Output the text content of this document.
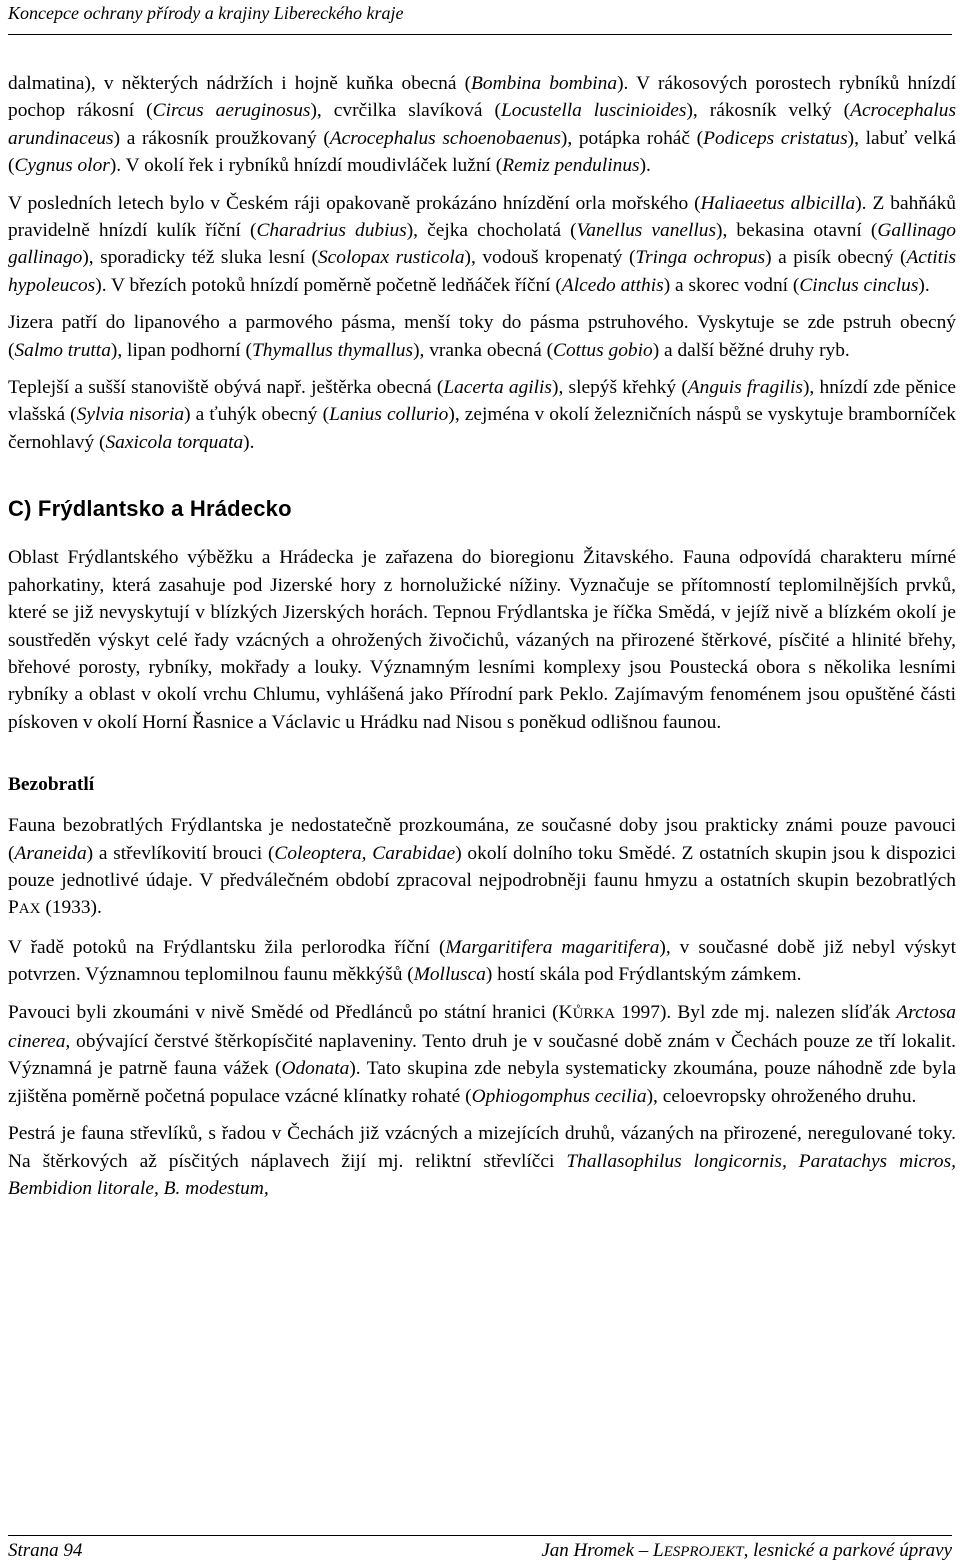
Koncepce ochrany přírody a krajiny Libereckého kraje

dalmatina), v některých nádržích i hojně kuňka obecná (Bombina bombina). V rákosových porostech rybníků hnízdí pochop rákosní (Circus aeruginosus), cvrčilka slavíková (Locustella luscinioides), rákosník velký (Acrocephalus arundinaceus) a rákosník proužkovaný (Acrocephalus schoenobaenus), potápka roháč (Podiceps cristatus), labuť velká (Cygnus olor). V okolí řek i rybníků hnízdí moudivláček lužní (Remiz pendulinus).

V posledních letech bylo v Českém ráji opakovaně prokázáno hnízdění orla mořského (Haliaeetus albicilla). Z bahňáků pravidelně hnízdí kulík říční (Charadrius dubius), čejka chocholatá (Vanellus vanellus), bekasina otavní (Gallinago gallinago), sporadicky též sluka lesní (Scolopax rusticola), vodouš kropenatý (Tringa ochropus) a pisík obecný (Actitis hypoleucos). V březích potoků hnízdí poměrně početně ledňáček říční (Alcedo atthis) a skorec vodní (Cinclus cinclus).

Jizera patří do lipanového a parmového pásma, menší toky do pásma pstruhového. Vyskytuje se zde pstruh obecný (Salmo trutta), lipan podhorní (Thymallus thymallus), vranka obecná (Cottus gobio) a další běžné druhy ryb.

Teplejší a sušší stanoviště obývá např. ještěrka obecná (Lacerta agilis), slepýš křehký (Anguis fragilis), hnízdí zde pěnice vlašská (Sylvia nisoria) a ťuhýk obecný (Lanius collurio), zejména v okolí železničních náspů se vyskytuje bramborníček černohlavý (Saxicola torquata).

C) Frýdlantsko a Hrádecko

Oblast Frýdlantského výběžku a Hrádecka je zařazena do bioregionu Žitavského. Fauna odpovídá charakteru mírné pahorkatiny, která zasahuje pod Jizerské hory z hornolužické nížiny. Vyznačuje se přítomností teplomilnějších prvků, které se již nevyskytují v blízkých Jizerských horách. Tepnou Frýdlantska je říčka Smědá, v jejíž nivě a blízkém okolí je soustředěn výskyt celé řady vzácných a ohrožených živočichů, vázaných na přirozené štěrkové, písčité a hlinité břehy, břehové porosty, rybníky, mokřady a louky. Významným lesními komplexy jsou Poustecká obora s několika lesními rybníky a oblast v okolí vrchu Chlumu, vyhlášená jako Přírodní park Peklo. Zajímavým fenoménem jsou opuštěné části pískoven v okolí Horní Řasnice a Václavic u Hrádku nad Nisou s poněkud odlišnou faunou.

Bezobratlí

Fauna bezobratlých Frýdlantska je nedostatečně prozkoumána, ze současné doby jsou prakticky známi pouze pavouci (Araneida) a střevlíkovití brouci (Coleoptera, Carabidae) okolí dolního toku Smědé. Z ostatních skupin jsou k dispozici pouze jednotlivé údaje. V předválečném období zpracoval nejpodrobněji faunu hmyzu a ostatních skupin bezobratlých PAX (1933).

V řadě potoků na Frýdlantsku žila perlorodka říční (Margaritifera magaritifera), v současné době již nebyl výskyt potvrzen. Významnou teplomilnou faunu měkkýšů (Mollusca) hostí skála pod Frýdlantským zámkem.

Pavouci byli zkoumáni v nivě Smědé od Předlánců po státní hranici (KŮRKA 1997). Byl zde mj. nalezen slíďák Arctosa cinerea, obývající čerstvé štěrkopísčité naplaveniny. Tento druh je v současné době znám v Čechách pouze ze tří lokalit. Významná je patrně fauna vážek (Odonata). Tato skupina zde nebyla systematicky zkoumána, pouze náhodně zde byla zjištěna poměrně početná populace vzácné klínatky rohaté (Ophiogomphus cecilia), celoevropsky ohroženého druhu.

Pestrá je fauna střevlíků, s řadou v Čechách již vzácných a mizejících druhů, vázaných na přirozené, neregulované toky. Na štěrkových až písčitých náplavech žijí mj. reliktní střevlíčci Thallasophilus longicornis, Paratachys micros, Bembidion litorale, B. modestum,

Strana 94	Jan Hromek – LESPROJEKT, lesnické a parkové úpravy
